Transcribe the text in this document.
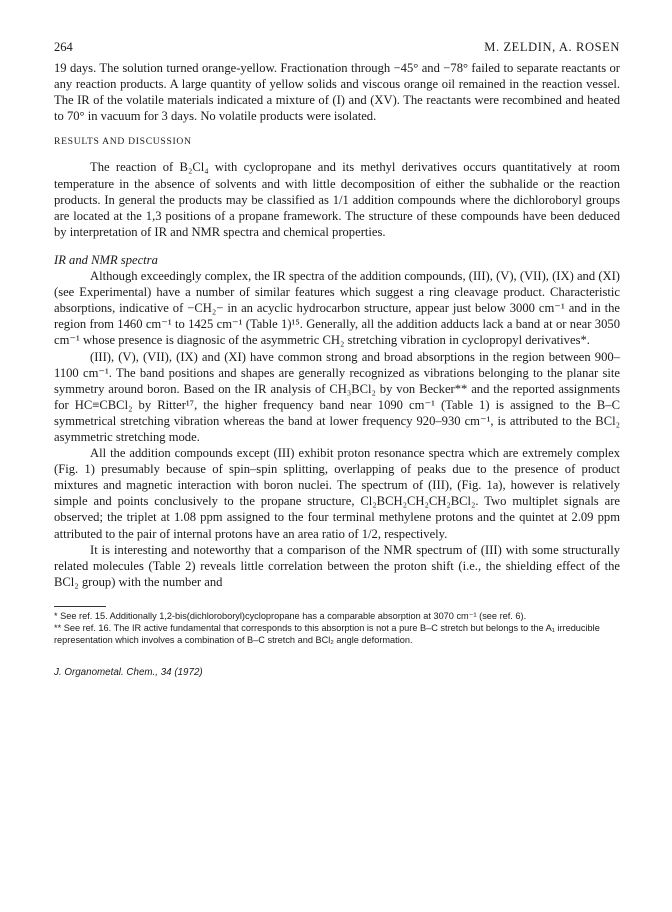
264	M. ZELDIN, A. ROSEN

19 days. The solution turned orange-yellow. Fractionation through −45° and −78° failed to separate reactants or any reaction products. A large quantity of yellow solids and viscous orange oil remained in the reaction vessel. The IR of the volatile materials indicated a mixture of (I) and (XV). The reactants were recombined and heated to 70° in vacuum for 3 days. No volatile products were isolated.

RESULTS AND DISCUSSION

The reaction of B₂Cl₄ with cyclopropane and its methyl derivatives occurs quantitatively at room temperature in the absence of solvents and with little decomposition of either the subhalide or the reaction products. In general the products may be classified as 1/1 addition compounds where the dichloroboryl groups are located at the 1,3 positions of a propane framework. The structure of these compounds have been deduced by interpretation of IR and NMR spectra and chemical properties.

IR and NMR spectra

Although exceedingly complex, the IR spectra of the addition compounds, (III), (V), (VII), (IX) and (XI) (see Experimental) have a number of similar features which suggest a ring cleavage product. Characteristic absorptions, indicative of −CH₂− in an acyclic hydrocarbon structure, appear just below 3000 cm⁻¹ and in the region from 1460 cm⁻¹ to 1425 cm⁻¹ (Table 1)¹⁵. Generally, all the addition adducts lack a band at or near 3050 cm⁻¹ whose presence is diagnosic of the asymmetric CH₂ stretching vibration in cyclopropyl derivatives*.

(III), (V), (VII), (IX) and (XI) have common strong and broad absorptions in the region between 900–1100 cm⁻¹. The band positions and shapes are generally recognized as vibrations belonging to the planar site symmetry around boron. Based on the IR analysis of CH₃BCl₂ by von Becker** and the reported assignments for HC≡CBCl₂ by Ritter¹⁷, the higher frequency band near 1090 cm⁻¹ (Table 1) is assigned to the B–C symmetrical stretching vibration whereas the band at lower frequency 920–930 cm⁻¹, is attributed to the BCl₂ asymmetric stretching mode.

All the addition compounds except (III) exhibit proton resonance spectra which are extremely complex (Fig. 1) presumably because of spin–spin splitting, overlapping of peaks due to the presence of product mixtures and magnetic interaction with boron nuclei. The spectrum of (III), (Fig. 1a), however is relatively simple and points conclusively to the propane structure, Cl₂BCH₂CH₂CH₂BCl₂. Two multiplet signals are observed; the triplet at 1.08 ppm assigned to the four terminal methylene protons and the quintet at 2.09 ppm attributed to the pair of internal protons have an area ratio of 1/2, respectively.

It is interesting and noteworthy that a comparison of the NMR spectrum of (III) with some structurally related molecules (Table 2) reveals little correlation between the proton shift (i.e., the shielding effect of the BCl₂ group) with the number and

* See ref. 15. Additionally 1,2-bis(dichloroboryl)cyclopropane has a comparable absorption at 3070 cm⁻¹ (see ref. 6).

** See ref. 16. The IR active fundamental that corresponds to this absorption is not a pure B–C stretch but belongs to the A₁ irreducible representation which involves a combination of B–C stretch and BCl₂ angle deformation.

J. Organometal. Chem., 34 (1972)
